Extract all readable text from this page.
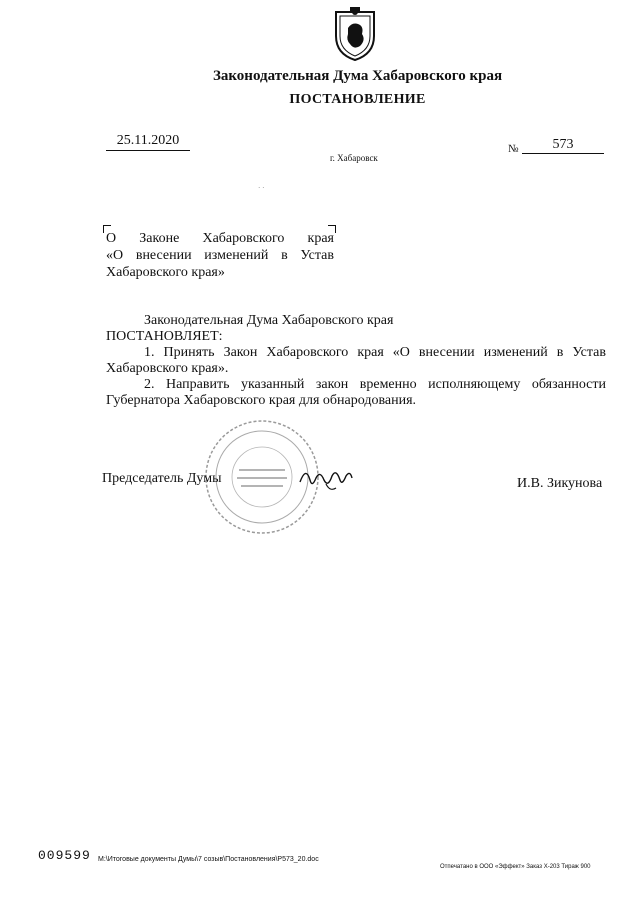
Законодательная Дума Хабаровского края
ПОСТАНОВЛЕНИЕ
25.11.2020
№	573
г. Хабаровск
· ·
О Законе Хабаровского края
«О внесении изменений в Устав
Хабаровского края»
Законодательная Дума Хабаровского края
ПОСТАНОВЛЯЕТ:
1. Принять Закон Хабаровского края «О внесении изменений в Устав Хабаровского края».
2. Направить указанный закон временно исполняющему обязанности Губернатора Хабаровского края для обнародования.
Председатель Думы	И.В. Зикунова
009599 M:\Итоговые документы Думы\7 созыв\Постановления\P573_20.doc
Отпечатано в ООО «Эффект» Заказ X-203 Тираж 900
